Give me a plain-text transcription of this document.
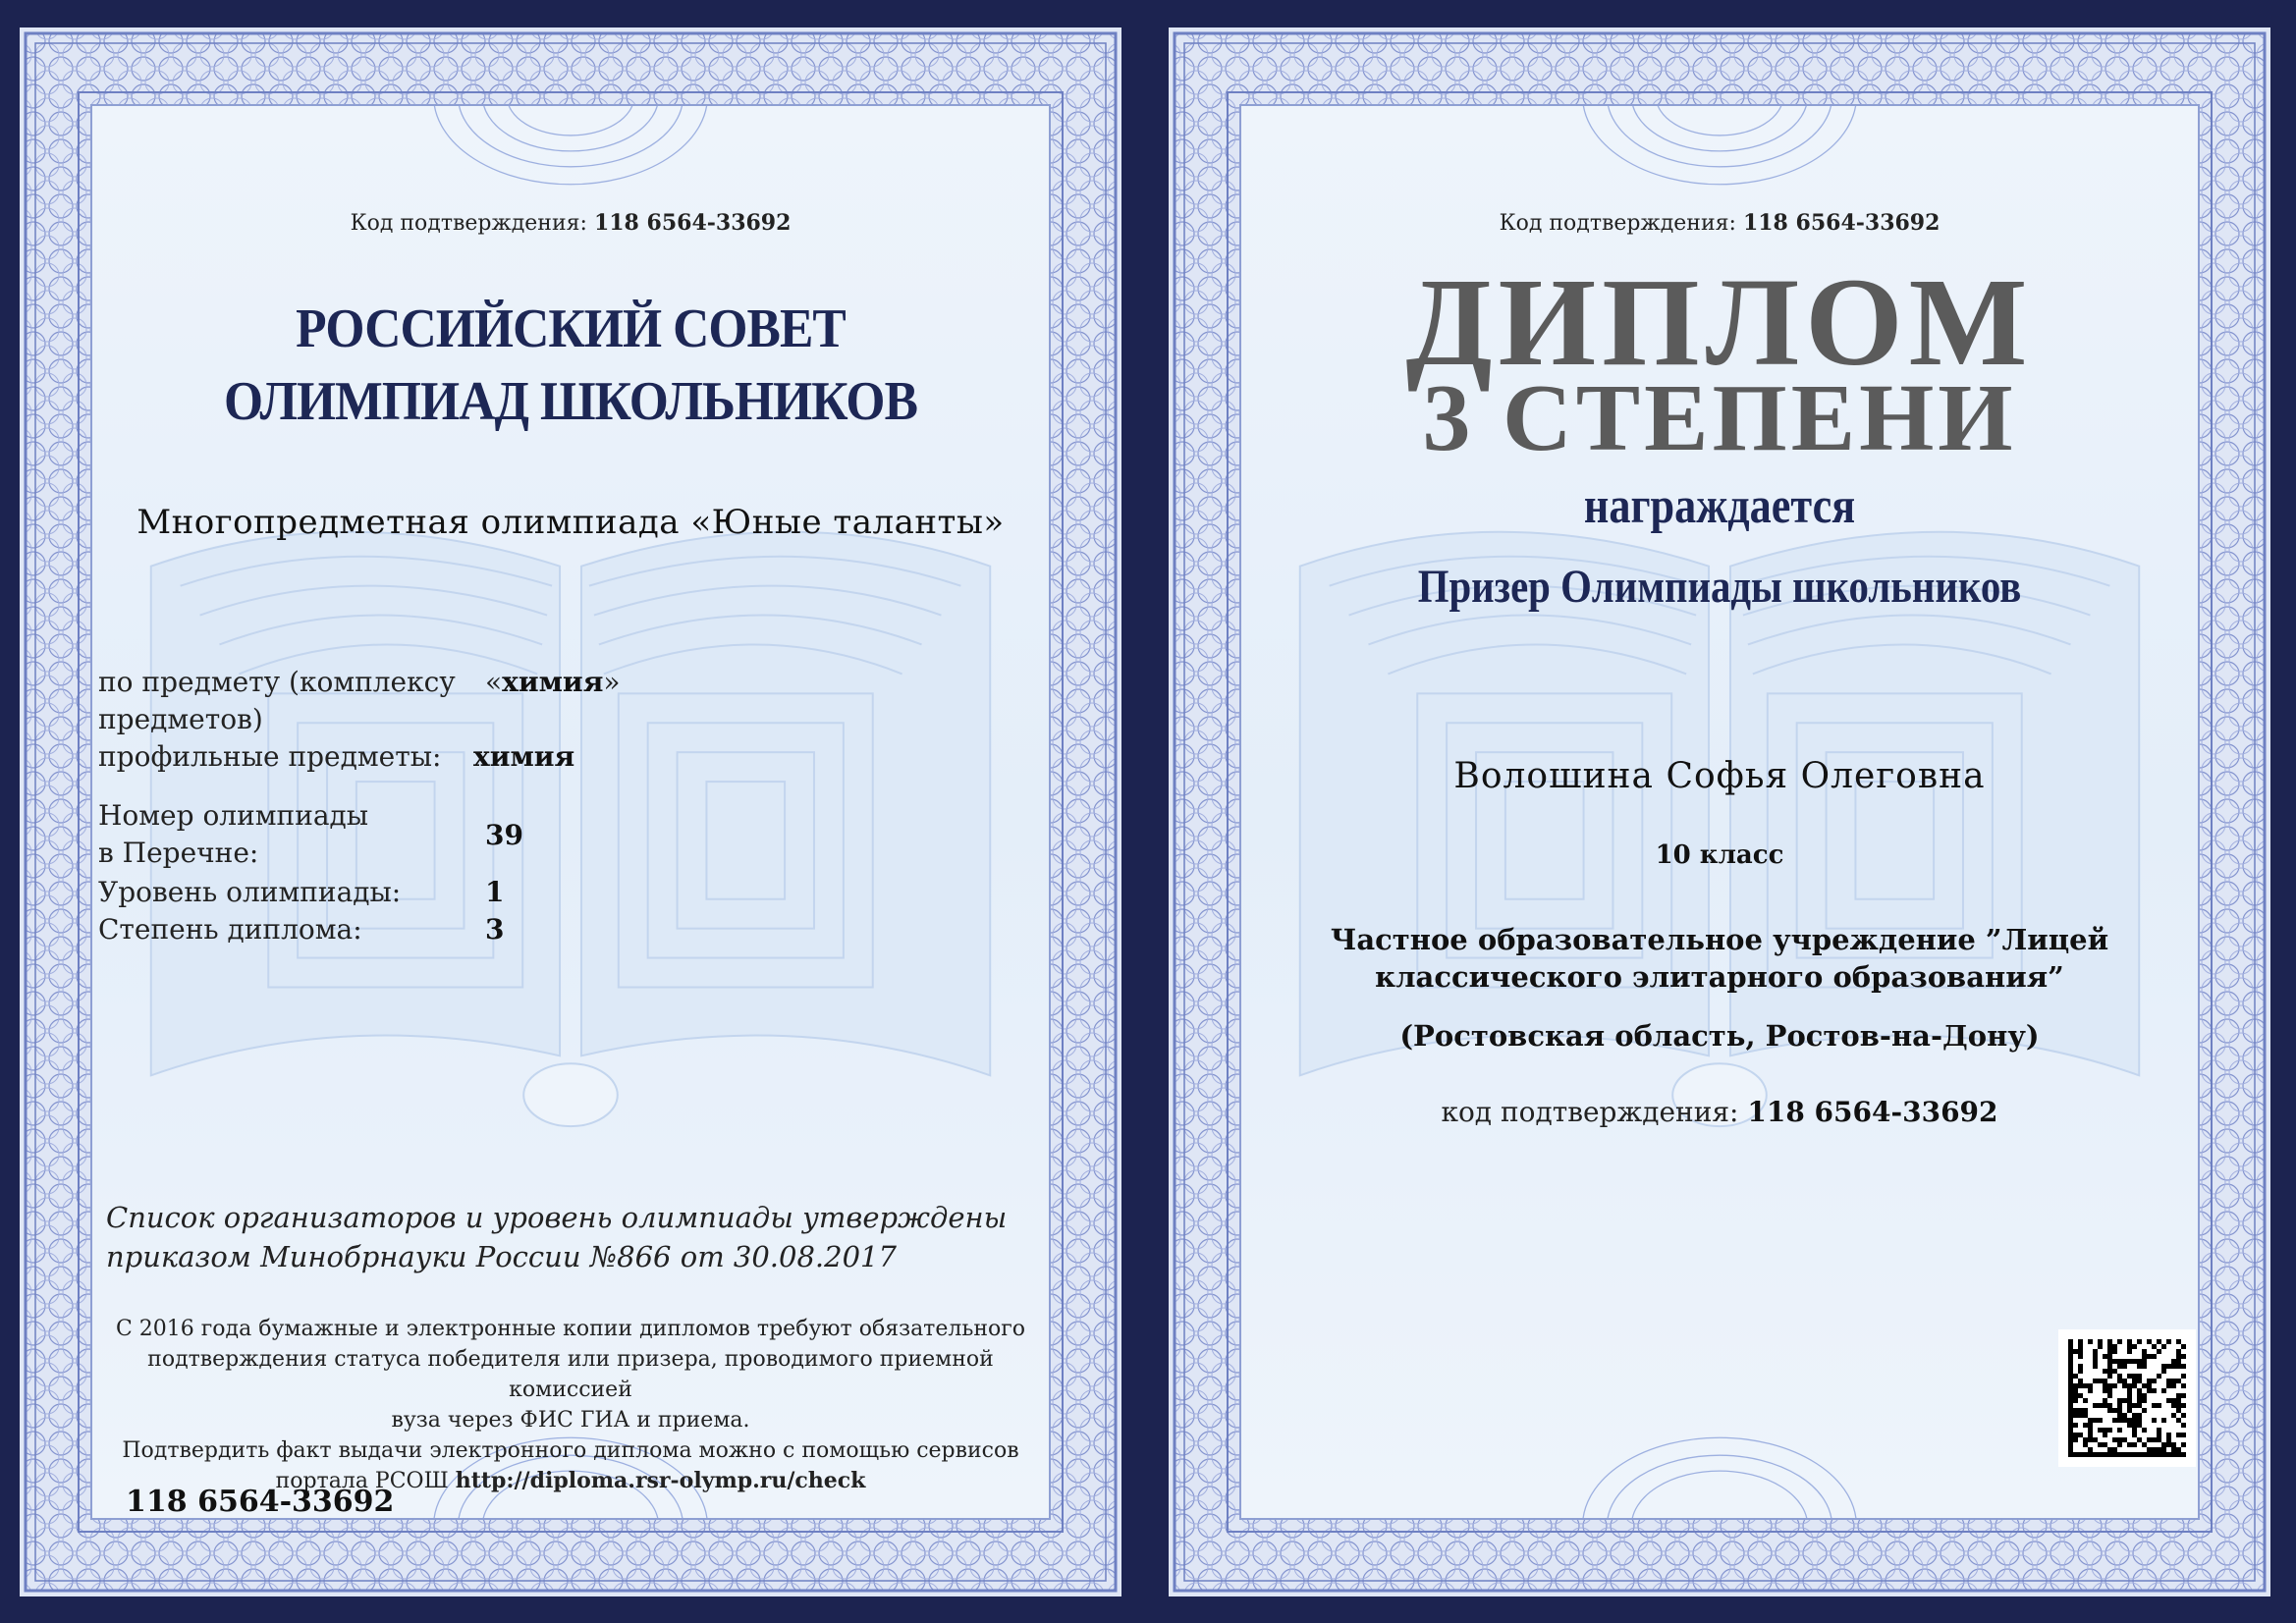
Код подтверждения: 118 6564-33692
РОССИЙСКИЙ СОВЕТ
ОЛИМПИАД ШКОЛЬНИКОВ
Многопредметная олимпиада «Юные таланты»
по предмету (комплексу
предметов)
«химия»
профильные предметы: химия
Номер олимпиады
в Перечне:
39
Уровень олимпиады:	1
Степень диплома:	3
Список организаторов и уровень олимпиады утверждены
приказом Минобрнауки России №866 от 30.08.2017
С 2016 года бумажные и электронные копии дипломов требуют обязательного
подтверждения статуса победителя или призера, проводимого приемной комиссией
вуза через ФИС ГИА и приема.
Подтвердить факт выдачи электронного диплома можно с помощью сервисов
портала РСОШ http://diploma.rsr-olymp.ru/check
118 6564-33692
Код подтверждения: 118 6564-33692
ДИПЛОМ
3 СТЕПЕНИ
награждается
Призер Олимпиады школьников
Волошина Софья Олеговна
10 класс
Частное образовательное учреждение ”Лицей
классического элитарного образования”
(Ростовская область, Ростов-на-Дону)
код подтверждения: 118 6564-33692
